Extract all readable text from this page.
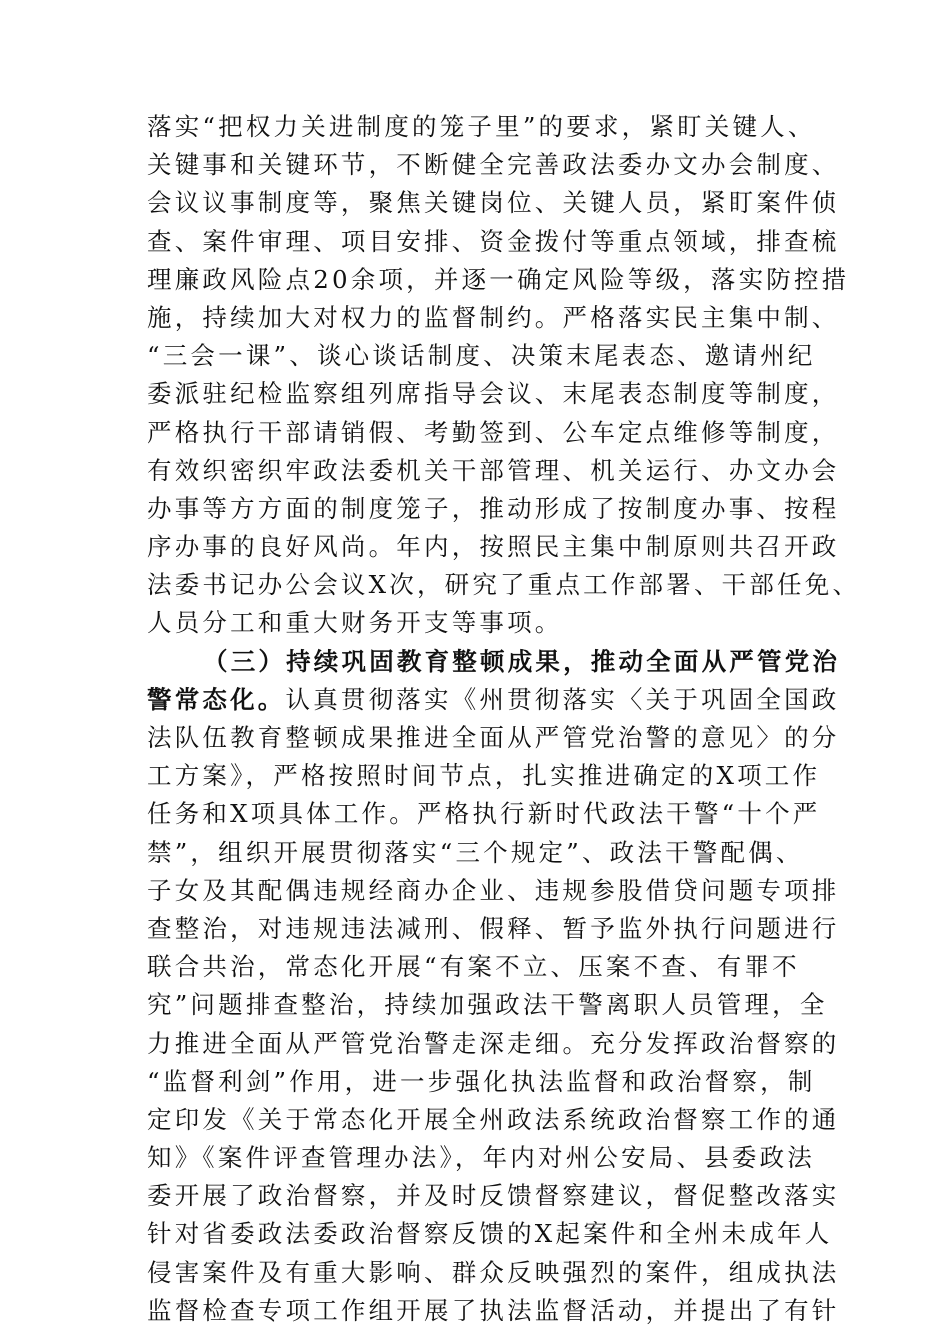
落实“把权力关进制度的笼子里”的要求，紧盯关键人、
关键事和关键环节，不断健全完善政法委办文办会制度、
会议议事制度等，聚焦关键岗位、关键人员，紧盯案件侦
查、案件审理、项目安排、资金拨付等重点领域，排查梳
理廉政风险点20余项，并逐一确定风险等级，落实防控措
施，持续加大对权力的监督制约。严格落实民主集中制、
“三会一课”、谈心谈话制度、决策末尾表态、邀请州纪
委派驻纪检监察组列席指导会议、末尾表态制度等制度，
严格执行干部请销假、考勤签到、公车定点维修等制度，
有效织密织牢政法委机关干部管理、机关运行、办文办会
办事等方方面的制度笼子，推动形成了按制度办事、按程
序办事的良好风尚。年内，按照民主集中制原则共召开政
法委书记办公会议X次，研究了重点工作部署、干部任免、
人员分工和重大财务开支等事项。
（三）持续巩固教育整顿成果，推动全面从严管党治
警常态化。认真贯彻落实《州贯彻落实〈关于巩固全国政
法队伍教育整顿成果推进全面从严管党治警的意见〉的分
工方案》，严格按照时间节点，扎实推进确定的X项工作
任务和X项具体工作。严格执行新时代政法干警“十个严
禁”，组织开展贯彻落实“三个规定”、政法干警配偶、
子女及其配偶违规经商办企业、违规参股借贷问题专项排
查整治，对违规违法减刑、假释、暂予监外执行问题进行
联合共治，常态化开展“有案不立、压案不查、有罪不
究”问题排查整治，持续加强政法干警离职人员管理，全
力推进全面从严管党治警走深走细。充分发挥政治督察的
“监督利剑”作用，进一步强化执法监督和政治督察，制
定印发《关于常态化开展全州政法系统政治督察工作的通
知》《案件评查管理办法》，年内对州公安局、县委政法
委开展了政治督察，并及时反馈督察建议，督促整改落实
针对省委政法委政治督察反馈的X起案件和全州未成年人
侵害案件及有重大影响、群众反映强烈的案件，组成执法
监督检查专项工作组开展了执法监督活动，并提出了有针
